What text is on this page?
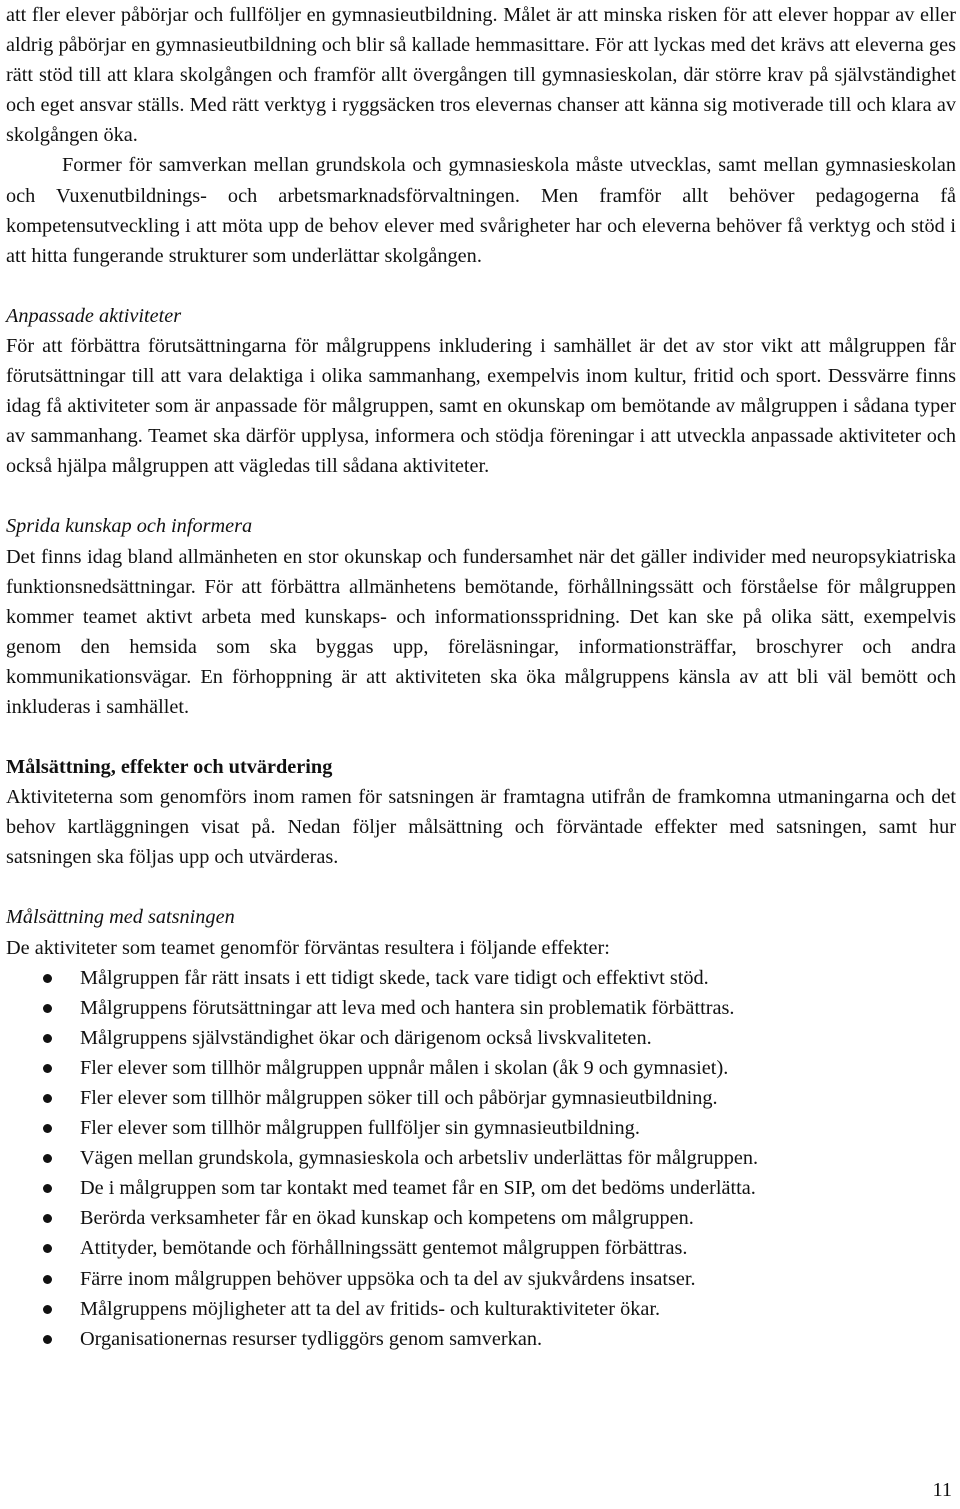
att fler elever påbörjar och fullföljer en gymnasieutbildning. Målet är att minska risken för att elever hoppar av eller aldrig påbörjar en gymnasieutbildning och blir så kallade hemmasittare. För att lyckas med det krävs att eleverna ges rätt stöd till att klara skolgången och framför allt övergången till gymnasieskolan, där större krav på självständighet och eget ansvar ställs. Med rätt verktyg i ryggsäcken tros elevernas chanser att känna sig motiverade till och klara av skolgången öka.

Former för samverkan mellan grundskola och gymnasieskola måste utvecklas, samt mellan gymnasieskolan och Vuxenutbildnings- och arbetsmarknadsförvaltningen. Men framför allt behöver pedagogerna få kompetensutveckling i att möta upp de behov elever med svårigheter har och eleverna behöver få verktyg och stöd i att hitta fungerande strukturer som underlättar skolgången.

Anpassade aktiviteter

För att förbättra förutsättningarna för målgruppens inkludering i samhället är det av stor vikt att målgruppen får förutsättningar till att vara delaktiga i olika sammanhang, exempelvis inom kultur, fritid och sport. Dessvärre finns idag få aktiviteter som är anpassade för målgruppen, samt en okunskap om bemötande av målgruppen i sådana typer av sammanhang. Teamet ska därför upplysa, informera och stödja föreningar i att utveckla anpassade aktiviteter och också hjälpa målgruppen att vägledas till sådana aktiviteter.

Sprida kunskap och informera

Det finns idag bland allmänheten en stor okunskap och fundersamhet när det gäller individer med neuropsykiatriska funktionsnedsättningar. För att förbättra allmänhetens bemötande, förhållningssätt och förståelse för målgruppen kommer teamet aktivt arbeta med kunskaps- och informationsspridning. Det kan ske på olika sätt, exempelvis genom den hemsida som ska byggas upp, föreläsningar, informationsträffar, broschyrer och andra kommunikationsvägar. En förhoppning är att aktiviteten ska öka målgruppens känsla av att bli väl bemött och inkluderas i samhället.

Målsättning, effekter och utvärdering

Aktiviteterna som genomförs inom ramen för satsningen är framtagna utifrån de framkomna utmaningarna och det behov kartläggningen visat på. Nedan följer målsättning och förväntade effekter med satsningen, samt hur satsningen ska följas upp och utvärderas.

Målsättning med satsningen

De aktiviteter som teamet genomför förväntas resultera i följande effekter:

Målgruppen får rätt insats i ett tidigt skede, tack vare tidigt och effektivt stöd.
Målgruppens förutsättningar att leva med och hantera sin problematik förbättras.
Målgruppens självständighet ökar och därigenom också livskvaliteten.
Fler elever som tillhör målgruppen uppnår målen i skolan (åk 9 och gymnasiet).
Fler elever som tillhör målgruppen söker till och påbörjar gymnasieutbildning.
Fler elever som tillhör målgruppen fullföljer sin gymnasieutbildning.
Vägen mellan grundskola, gymnasieskola och arbetsliv underlättas för målgruppen.
De i målgruppen som tar kontakt med teamet får en SIP, om det bedöms underlätta.
Berörda verksamheter får en ökad kunskap och kompetens om målgruppen.
Attityder, bemötande och förhållningssätt gentemot målgruppen förbättras.
Färre inom målgruppen behöver uppsöka och ta del av sjukvårdens insatser.
Målgruppens möjligheter att ta del av fritids- och kulturaktiviteter ökar.
Organisationernas resurser tydliggörs genom samverkan.
11
